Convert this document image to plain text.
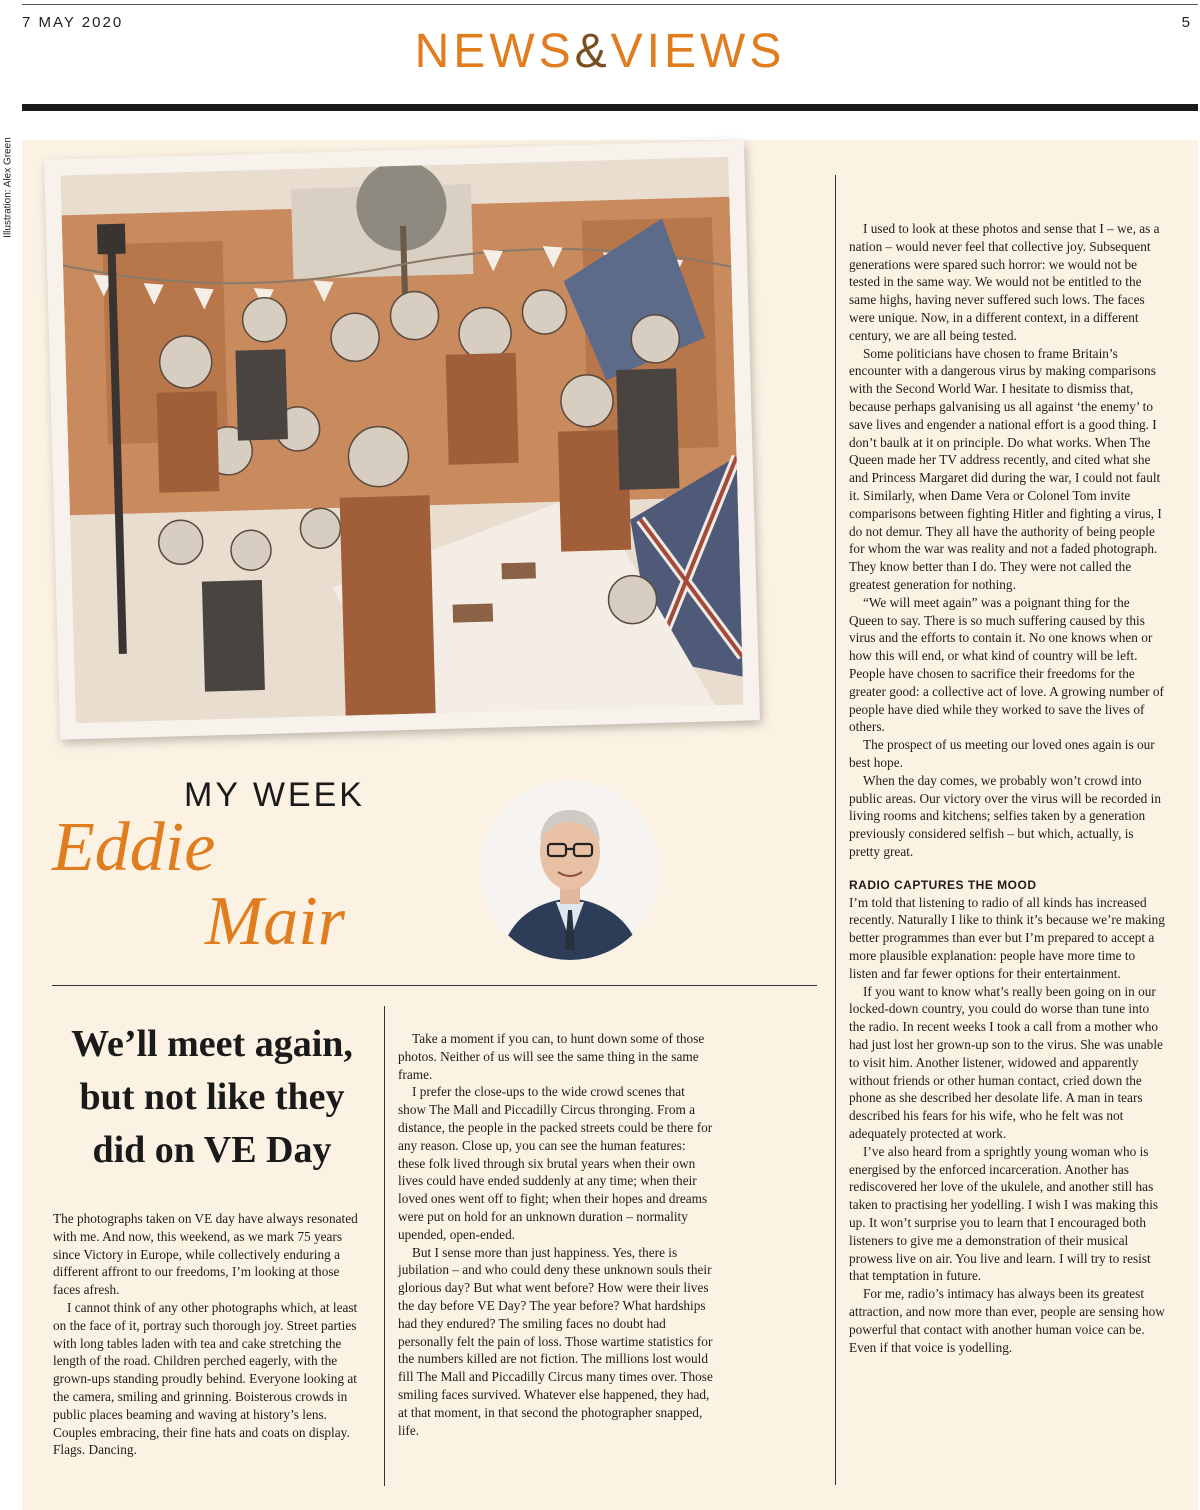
7 MAY 2020	5
NEWS&VIEWS
Illustration: Alex Green
MY WEEK
Eddie
Mair
We’ll meet again, but not like they did on VE Day

The photographs taken on VE day have always resonated with me. And now, this weekend, as we mark 75 years since Victory in Europe, while collectively enduring a different affront to our freedoms, I’m looking at those faces afresh.

I cannot think of any other photographs which, at least on the face of it, portray such thorough joy. Street parties with long tables laden with tea and cake stretching the length of the road. Children perched eagerly, with the grown-ups standing proudly behind. Everyone looking at the camera, smiling and grinning. Boisterous crowds in public places beaming and waving at history’s lens. Couples embracing, their fine hats and coats on display. Flags. Dancing.

Take a moment if you can, to hunt down some of those photos. Neither of us will see the same thing in the same frame.

I prefer the close-ups to the wide crowd scenes that show The Mall and Piccadilly Circus thronging. From a distance, the people in the packed streets could be there for any reason. Close up, you can see the human features: these folk lived through six brutal years when their own lives could have ended suddenly at any time; when their loved ones went off to fight; when their hopes and dreams were put on hold for an unknown duration – normality upended, open-ended.

But I sense more than just happiness. Yes, there is jubilation – and who could deny these unknown souls their glorious day? But what went before? How were their lives the day before VE Day? The year before? What hardships had they endured? The smiling faces no doubt had personally felt the pain of loss. Those wartime statistics for the numbers killed are not fiction. The millions lost would fill The Mall and Piccadilly Circus many times over. Those smiling faces survived. Whatever else happened, they had, at that moment, in that second the photographer snapped, life.

I used to look at these photos and sense that I – we, as a nation – would never feel that collective joy. Subsequent generations were spared such horror: we would not be tested in the same way. We would not be entitled to the same highs, having never suffered such lows. The faces were unique. Now, in a different context, in a different century, we are all being tested.

Some politicians have chosen to frame Britain’s encounter with a dangerous virus by making comparisons with the Second World War. I hesitate to dismiss that, because perhaps galvanising us all against ‘the enemy’ to save lives and engender a national effort is a good thing. I don’t baulk at it on principle. Do what works. When The Queen made her TV address recently, and cited what she and Princess Margaret did during the war, I could not fault it. Similarly, when Dame Vera or Colonel Tom invite comparisons between fighting Hitler and fighting a virus, I do not demur. They all have the authority of being people for whom the war was reality and not a faded photograph. They know better than I do. They were not called the greatest generation for nothing.

“We will meet again” was a poignant thing for the Queen to say. There is so much suffering caused by this virus and the efforts to contain it. No one knows when or how this will end, or what kind of country will be left. People have chosen to sacrifice their freedoms for the greater good: a collective act of love. A growing number of people have died while they worked to save the lives of others.

The prospect of us meeting our loved ones again is our best hope.

When the day comes, we probably won’t crowd into public areas. Our victory over the virus will be recorded in living rooms and kitchens; selfies taken by a generation previously considered selfish – but which, actually, is pretty great.

RADIO CAPTURES THE MOOD

I’m told that listening to radio of all kinds has increased recently. Naturally I like to think it’s because we’re making better programmes than ever but I’m prepared to accept a more plausible explanation: people have more time to listen and far fewer options for their entertainment.

If you want to know what’s really been going on in our locked-down country, you could do worse than tune into the radio. In recent weeks I took a call from a mother who had just lost her grown-up son to the virus. She was unable to visit him. Another listener, widowed and apparently without friends or other human contact, cried down the phone as she described her desolate life. A man in tears described his fears for his wife, who he felt was not adequately protected at work.

I’ve also heard from a sprightly young woman who is energised by the enforced incarceration. Another has rediscovered her love of the ukulele, and another still has taken to practising her yodelling. I wish I was making this up. It won’t surprise you to learn that I encouraged both listeners to give me a demonstration of their musical prowess live on air. You live and learn. I will try to resist that temptation in future.

For me, radio’s intimacy has always been its greatest attraction, and now more than ever, people are sensing how powerful that contact with another human voice can be. Even if that voice is yodelling.
